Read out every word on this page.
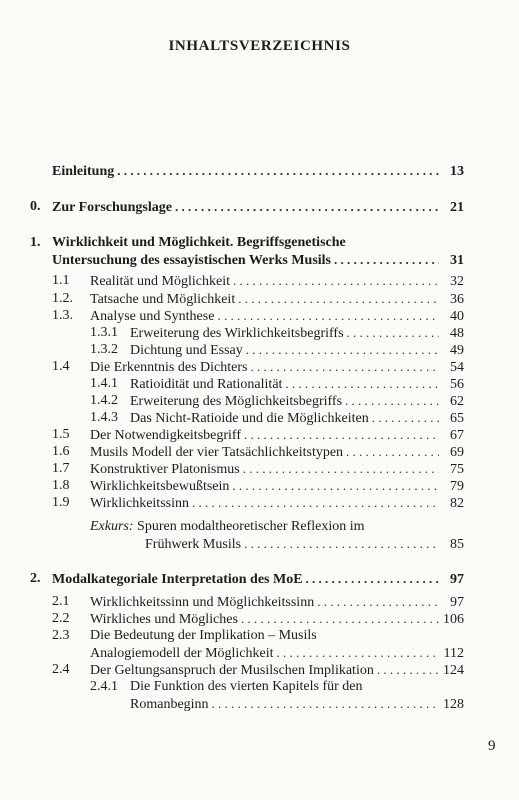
INHALTSVERZEICHNIS
Einleitung . . .	13
0. Zur Forschungslage . . .	21
1. Wirklichkeit und Möglichkeit. Begriffsgenetische
Untersuchung des essayistischen Werks Musils . . .	31
1.1 Realität und Möglichkeit . . .	32
1.2. Tatsache und Möglichkeit . . .	36
1.3. Analyse und Synthese . . .	40
1.3.1 Erweiterung des Wirklichkeitsbegriffs . . .	48
1.3.2 Dichtung und Essay . . .	49
1.4 Die Erkenntnis des Dichters . . .	54
1.4.1 Ratioidität und Rationalität . . .	56
1.4.2 Erweiterung des Möglichkeitsbegriffs . . .	62
1.4.3 Das Nicht-Ratioide und die Möglichkeiten . . .	65
1.5 Der Notwendigkeitsbegriff . . .	67
1.6 Musils Modell der vier Tatsächlichkeitstypen . . .	69
1.7 Konstruktiver Platonismus . . .	75
1.8 Wirklichkeitsbewußtsein . . .	79
1.9 Wirklichkeitssinn . . .	82
Exkurs: Spuren modaltheoretischer Reflexion im
Frühwerk Musils . . .	85
2. Modalkategoriale Interpretation des MoE . . .	97
2.1 Wirklichkeitssinn und Möglichkeitssinn . . .	97
2.2 Wirkliches und Mögliches . . .	106
2.3 Die Bedeutung der Implikation – Musils
Analogiemodell der Möglichkeit . . .	112
2.4 Der Geltungsanspruch der Musilschen Implikation . . .	124
2.4.1 Die Funktion des vierten Kapitels für den
Romanbeginn . . .	128
9
